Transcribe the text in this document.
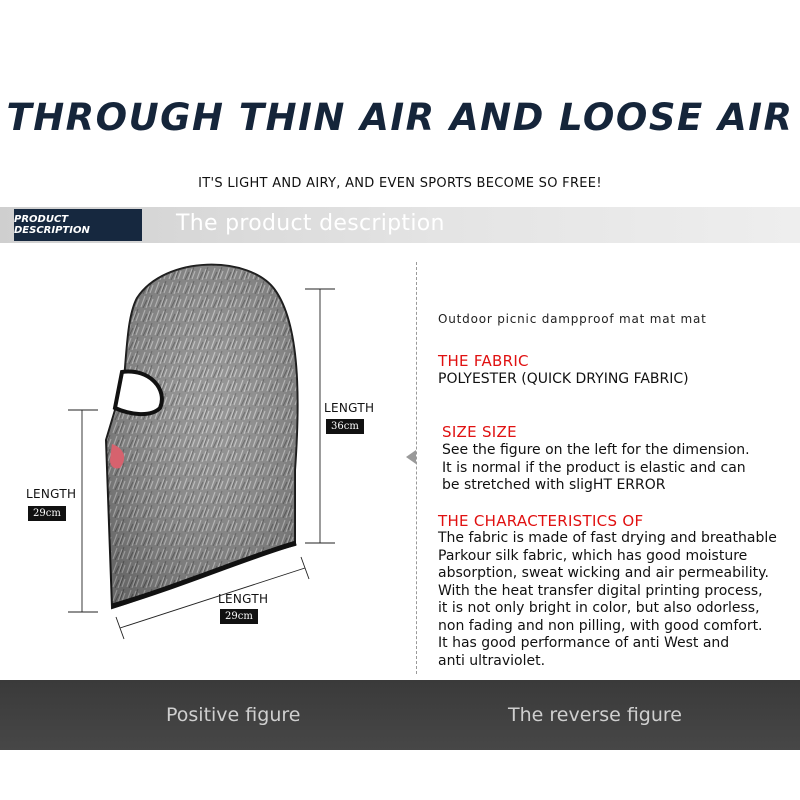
THROUGH THIN AIR AND LOOSE AIR
IT'S LIGHT AND AIRY, AND EVEN SPORTS BECOME SO FREE!
PRODUCT DESCRIPTION	The product description
LENGTH
36cm
LENGTH
29cm
LENGTH
29cm
Outdoor picnic dampproof mat mat mat
THE FABRIC
POLYESTER (QUICK DRYING FABRIC)
SIZE SIZE
See the figure on the left for the dimension.
It is normal if the product is elastic and can
be stretched with sligHT ERROR
THE CHARACTERISTICS OF
The fabric is made of fast drying and breathable
Parkour silk fabric, which has good moisture
absorption, sweat wicking and air permeability.
With the heat transfer digital printing process,
it is not only bright in color, but also odorless,
non fading and non pilling, with good comfort.
It has good performance of anti West and
anti ultraviolet.
Positive figure	The reverse figure
